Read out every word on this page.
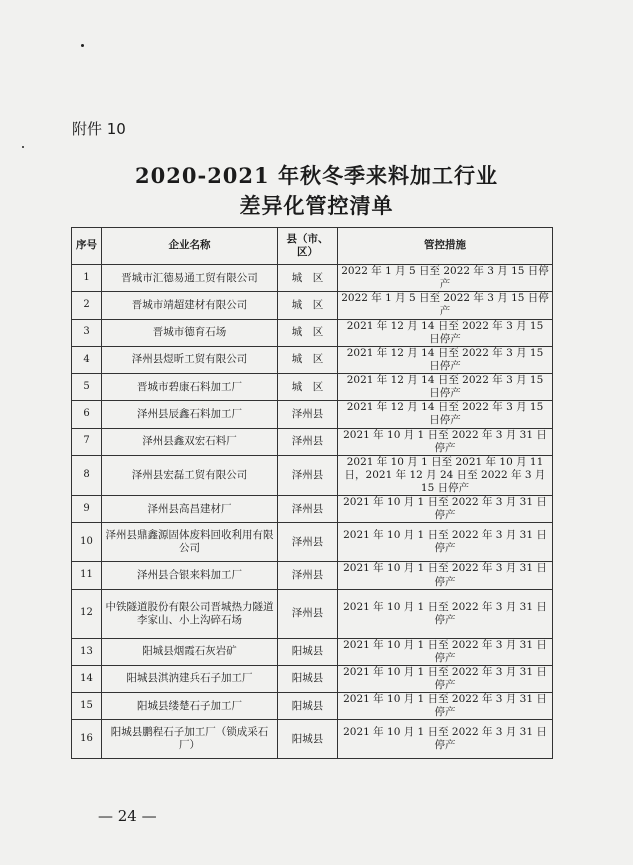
附件 10
2020-2021 年秋冬季来料加工行业
差异化管控清单
序号	企业名称	县（市、区）	管控措施
1	晋城市汇德易通工贸有限公司	城　区	2022 年 1 月 5 日至 2022 年 3 月 15 日停产
2	晋城市靖超建材有限公司	城　区	2022 年 1 月 5 日至 2022 年 3 月 15 日停产
3	晋城市德育石场	城　区	2021 年 12 月 14 日至 2022 年 3 月 15 日停产
4	泽州县煜昕工贸有限公司	城　区	2021 年 12 月 14 日至 2022 年 3 月 15 日停产
5	晋城市碧康石料加工厂	城　区	2021 年 12 月 14 日至 2022 年 3 月 15 日停产
6	泽州县辰鑫石料加工厂	泽州县	2021 年 12 月 14 日至 2022 年 3 月 15 日停产
7	泽州县鑫双宏石料厂	泽州县	2021 年 10 月 1 日至 2022 年 3 月 31 日停产
8	泽州县宏磊工贸有限公司	泽州县	2021 年 10 月 1 日至 2021 年 10 月 11 日，2021 年 12 月 24 日至 2022 年 3 月 15 日停产
9	泽州县高昌建材厂	泽州县	2021 年 10 月 1 日至 2022 年 3 月 31 日停产
10	泽州县鼎鑫源固体废料回收利用有限公司	泽州县	2021 年 10 月 1 日至 2022 年 3 月 31 日停产
11	泽州县合银来料加工厂	泽州县	2021 年 10 月 1 日至 2022 年 3 月 31 日停产
12	中铁隧道股份有限公司晋城热力隧道李家山、小上沟碎石场	泽州县	2021 年 10 月 1 日至 2022 年 3 月 31 日停产
13	阳城县烟霞石灰岩矿	阳城县	2021 年 10 月 1 日至 2022 年 3 月 31 日停产
14	阳城县淇汭建兵石子加工厂	阳城县	2021 年 10 月 1 日至 2022 年 3 月 31 日停产
15	阳城县缕楚石子加工厂	阳城县	2021 年 10 月 1 日至 2022 年 3 月 31 日停产
16	阳城县鹏程石子加工厂（锁成采石厂）	阳城县	2021 年 10 月 1 日至 2022 年 3 月 31 日停产
— 24 —
